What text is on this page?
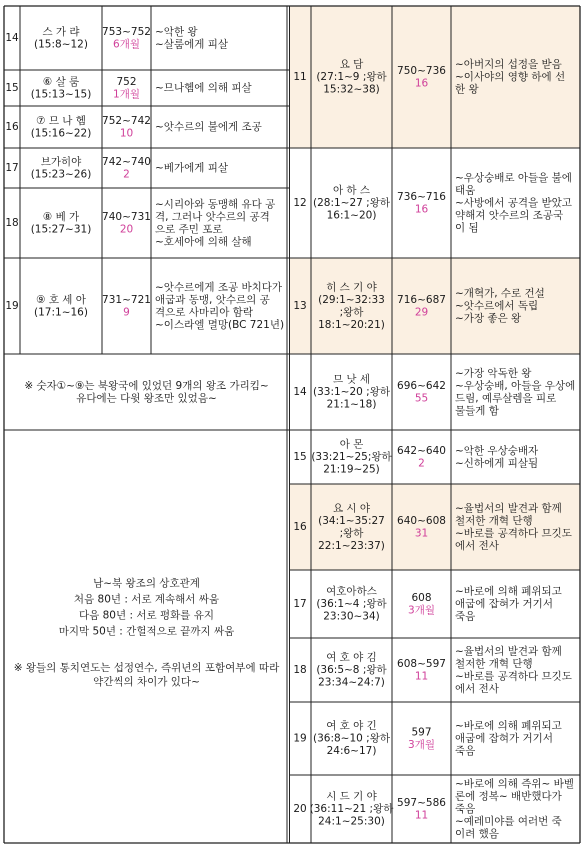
14
스 가 랴
(15:8~12)
753~752
6개월
~악한 왕
~살룸에게 피살
15
⑥ 살 룸
(15:13~15)
752
1개월
~므나헴에 의해 피살
16
⑦ 므 나 헴
(15:16~22)
752~742
10
~앗수르의 불에게 조공
17
브가히야
(15:23~26)
742~740
2
~베가에게 피살
18
⑧ 베 가
(15:27~31)
740~731
20
~시리아와 동맹해 유다 공
격, 그러나 앗수르의 공격
으로 주민 포로
~호세아에 의해 살해
19
⑨ 호 세 아
(17:1~16)
731~721
9
~앗수르에게 조공 바치다가
애굽과 동맹, 앗수르의 공
격으로 사마리아 함락
~이스라엘 멸망(BC 721년)
※ 숫자①~⑨는 북왕국에 있었던 9개의 왕조 가리킴~
유다에는 다윗 왕조만 있었음~
남~북 왕조의 상호관계
처음 80년 : 서로 계속해서 싸움
다음 80년 : 서로 평화를 유지
마지막 50년 : 간헐적으로 끝까지 싸움
※ 왕들의 통치연도는 섭정연수, 즉위년의 포함여부에 따라
약간씩의 차이가 있다~
11
요 담
(27:1~9 ;왕하
15:32~38)
750~736
16
~아버지의 섭정을 받음
~이사야의 영향 하에 선
한 왕
12
아 하 스
(28:1~27 ;왕하
16:1~20)
736~716
16
~우상숭배로 아들을 불에
태움
~사방에서 공격을 받았고
약해져 앗수르의 조공국
이 됨
13
히 스 기 야
(29:1~32:33
;왕하
18:1~20:21)
716~687
29
~개혁가, 수로 건설
~앗수르에서 독립
~가장 좋은 왕
14
므 낫 세
(33:1~20 ;왕하
21:1~18)
696~642
55
~가장 악독한 왕
~우상숭배, 아들을 우상에
드림, 예루살렘을 피로
물들게 함
15
아 몬
(33:21~25;왕하
21:19~25)
642~640
2
~악한 우상숭배자
~신하에게 피살됨
16
요 시 야
(34:1~35:27
;왕하
22:1~23:37)
640~608
31
~율법서의 발견과 함께
철저한 개혁 단행
~바로를 공격하다 므깃도
에서 전사
17
여호아하스
(36:1~4 ;왕하
23:30~34)
608
3개월
~바로에 의해 폐위되고
애굽에 잡혀가 거기서
죽음
18
여 호 야 김
(36:5~8 ;왕하
23:34~24:7)
608~597
11
~율법서의 발견과 함께
철저한 개혁 단행
~바로를 공격하다 므깃도
에서 전사
19
여 호 야 긴
(36:8~10 ;왕하
24:6~17)
597
3개월
~바로에 의해 폐위되고
애굽에 잡혀가 거기서
죽음
20
시 드 기 야
(36:11~21 ;왕하
24:1~25:30)
597~586
11
~바로에 의해 즉위~ 바벨
론에 정복~ 배반했다가
죽음
~예레미야를 여러번 죽
이려 했음
